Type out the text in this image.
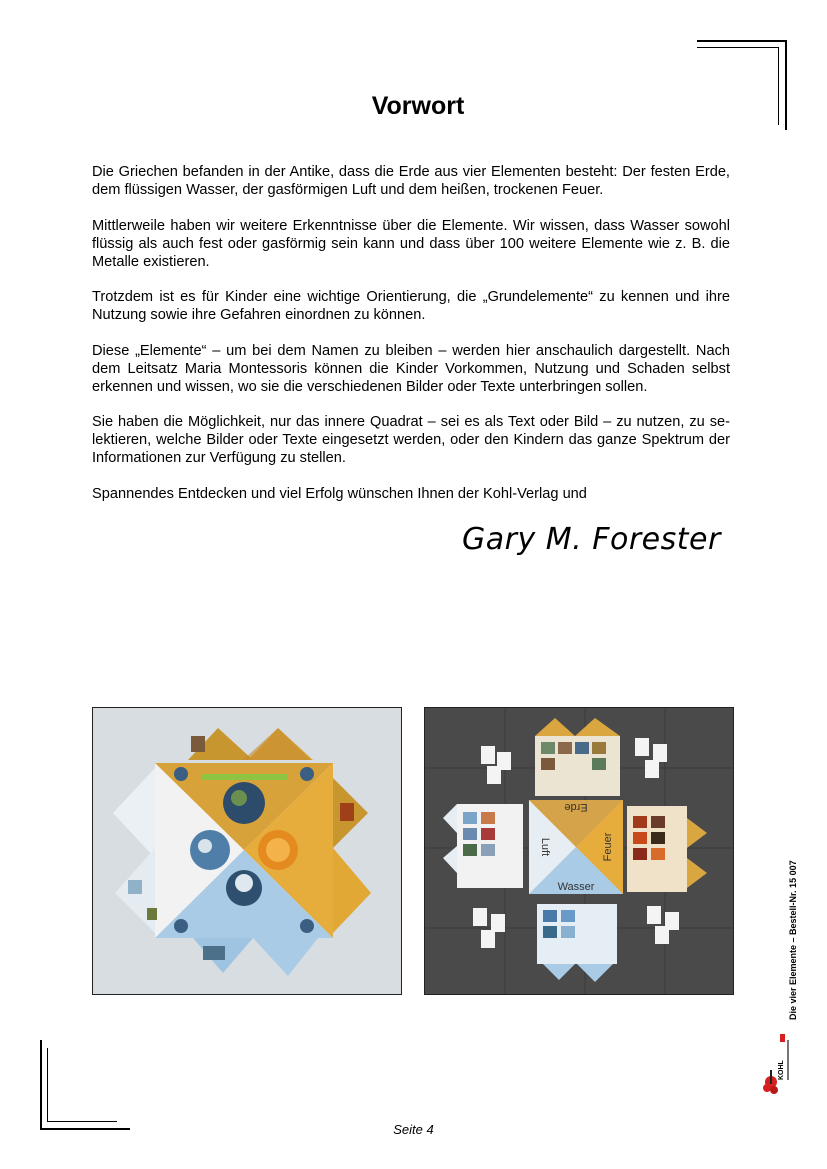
Vorwort

Die Griechen befanden in der Antike, dass die Erde aus vier Elementen besteht: Der festen Erde, dem flüssigen Wasser, der gasförmigen Luft und dem heißen, trockenen Feuer.

Mittlerweile haben wir weitere Erkenntnisse über die Elemente. Wir wissen, dass Wasser sowohl flüssig als auch fest oder gasförmig sein kann und dass über 100 weitere Elemente wie z. B. die Metalle existieren.

Trotzdem ist es für Kinder eine wichtige Orientierung, die „Grundelemente“ zu kennen und ihre Nutzung sowie ihre Gefahren einordnen zu können.

Diese „Elemente“ – um bei dem Namen zu bleiben – werden hier anschaulich dargestellt. Nach dem Leitsatz Maria Montessoris können die Kinder Vorkommen, Nutzung und Schaden selbst erkennen und wissen, wo sie die verschiedenen Bilder oder Texte unterbringen sollen.

Sie haben die Möglichkeit, nur das innere Quadrat – sei es als Text oder Bild – zu nutzen, zu se-lektieren, welche Bilder oder Texte eingesetzt werden, oder den Kindern das ganze Spektrum der Informationen zur Verfügung zu stellen.

Spannendes Entdecken und viel Erfolg wünschen Ihnen der Kohl-Verlag und

Gary M. Forester
Erde
Luft	Feuer
Wasser	Die vier Elemente – Bestell-Nr. 15 007
KOHL
Seite 4
